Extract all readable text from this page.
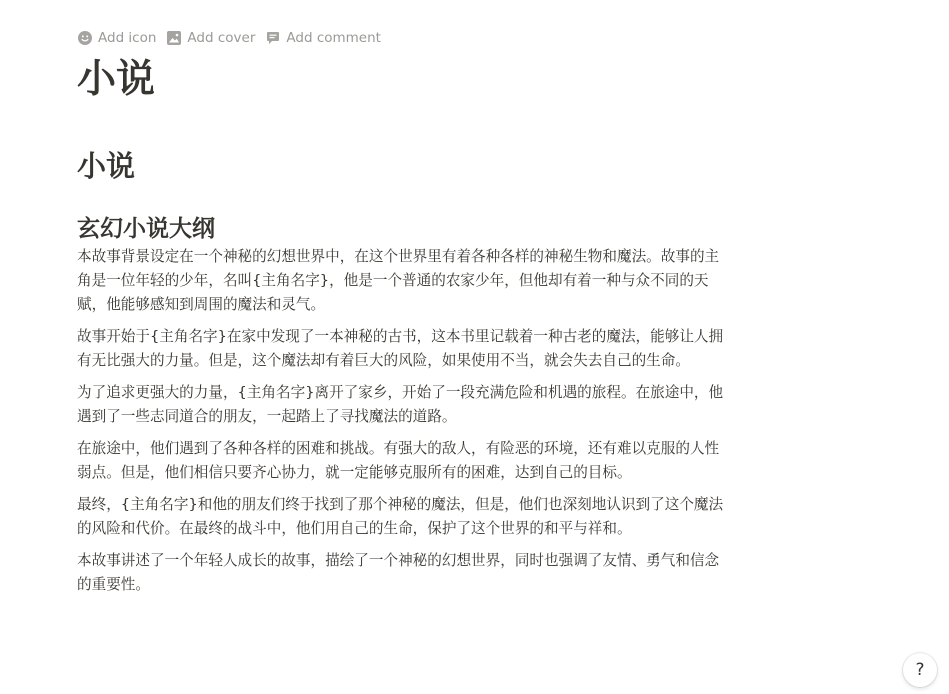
Add icon Add cover Add comment
小说
小说
玄幻小说大纲

本故事背景设定在一个神秘的幻想世界中，在这个世界里有着各种各样的神秘生物和魔法。故事的主
角是一位年轻的少年，名叫{主角名字}，他是一个普通的农家少年，但他却有着一种与众不同的天
赋，他能够感知到周围的魔法和灵气。

故事开始于{主角名字}在家中发现了一本神秘的古书，这本书里记载着一种古老的魔法，能够让人拥
有无比强大的力量。但是，这个魔法却有着巨大的风险，如果使用不当，就会失去自己的生命。

为了追求更强大的力量，{主角名字}离开了家乡，开始了一段充满危险和机遇的旅程。在旅途中，他
遇到了一些志同道合的朋友，一起踏上了寻找魔法的道路。

在旅途中，他们遇到了各种各样的困难和挑战。有强大的敌人，有险恶的环境，还有难以克服的人性
弱点。但是，他们相信只要齐心协力，就一定能够克服所有的困难，达到自己的目标。

最终，{主角名字}和他的朋友们终于找到了那个神秘的魔法，但是，他们也深刻地认识到了这个魔法
的风险和代价。在最终的战斗中，他们用自己的生命，保护了这个世界的和平与祥和。

本故事讲述了一个年轻人成长的故事，描绘了一个神秘的幻想世界，同时也强调了友情、勇气和信念
的重要性。

?
